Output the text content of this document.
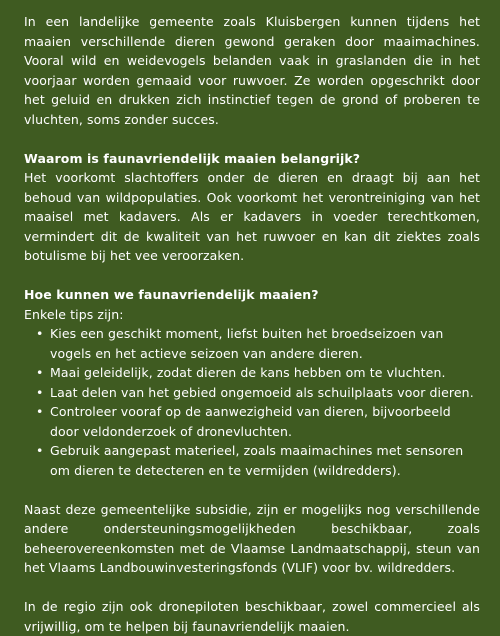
In een landelijke gemeente zoals Kluisbergen kunnen tijdens het maaien verschillende dieren gewond geraken door maaimachines. Vooral wild en weidevogels belanden vaak in graslanden die in het voorjaar worden gemaaid voor ruwvoer. Ze worden opgeschrikt door het geluid en drukken zich instinctief tegen de grond of proberen te vluchten, soms zonder succes.

Waarom is faunavriendelijk maaien belangrijk?

Het voorkomt slachtoffers onder de dieren en draagt bij aan het behoud van wildpopulaties. Ook voorkomt het verontreiniging van het maaisel met kadavers. Als er kadavers in voeder terechtkomen, vermindert dit de kwaliteit van het ruwvoer en kan dit ziektes zoals botulisme bij het vee veroorzaken.

Hoe kunnen we faunavriendelijk maaien?

Enkele tips zijn:

• Kies een geschikt moment, liefst buiten het broedseizoen van vogels en het actieve seizoen van andere dieren.
• Maai geleidelijk, zodat dieren de kans hebben om te vluchten.
• Laat delen van het gebied ongemoeid als schuilplaats voor dieren.
• Controleer vooraf op de aanwezigheid van dieren, bijvoorbeeld door veldonderzoek of dronevluchten.
• Gebruik aangepast materieel, zoals maaimachines met sensoren om dieren te detecteren en te vermijden (wildredders).

Naast deze gemeentelijke subsidie, zijn er mogelijks nog verschillende andere ondersteuningsmogelijkheden beschikbaar, zoals beheerovereenkomsten met de Vlaamse Landmaatschappij, steun van het Vlaams Landbouwinvesteringsfonds (VLIF) voor bv. wildredders.

In de regio zijn ook dronepiloten beschikbaar, zowel commercieel als vrijwillig, om te helpen bij faunavriendelijk maaien.
